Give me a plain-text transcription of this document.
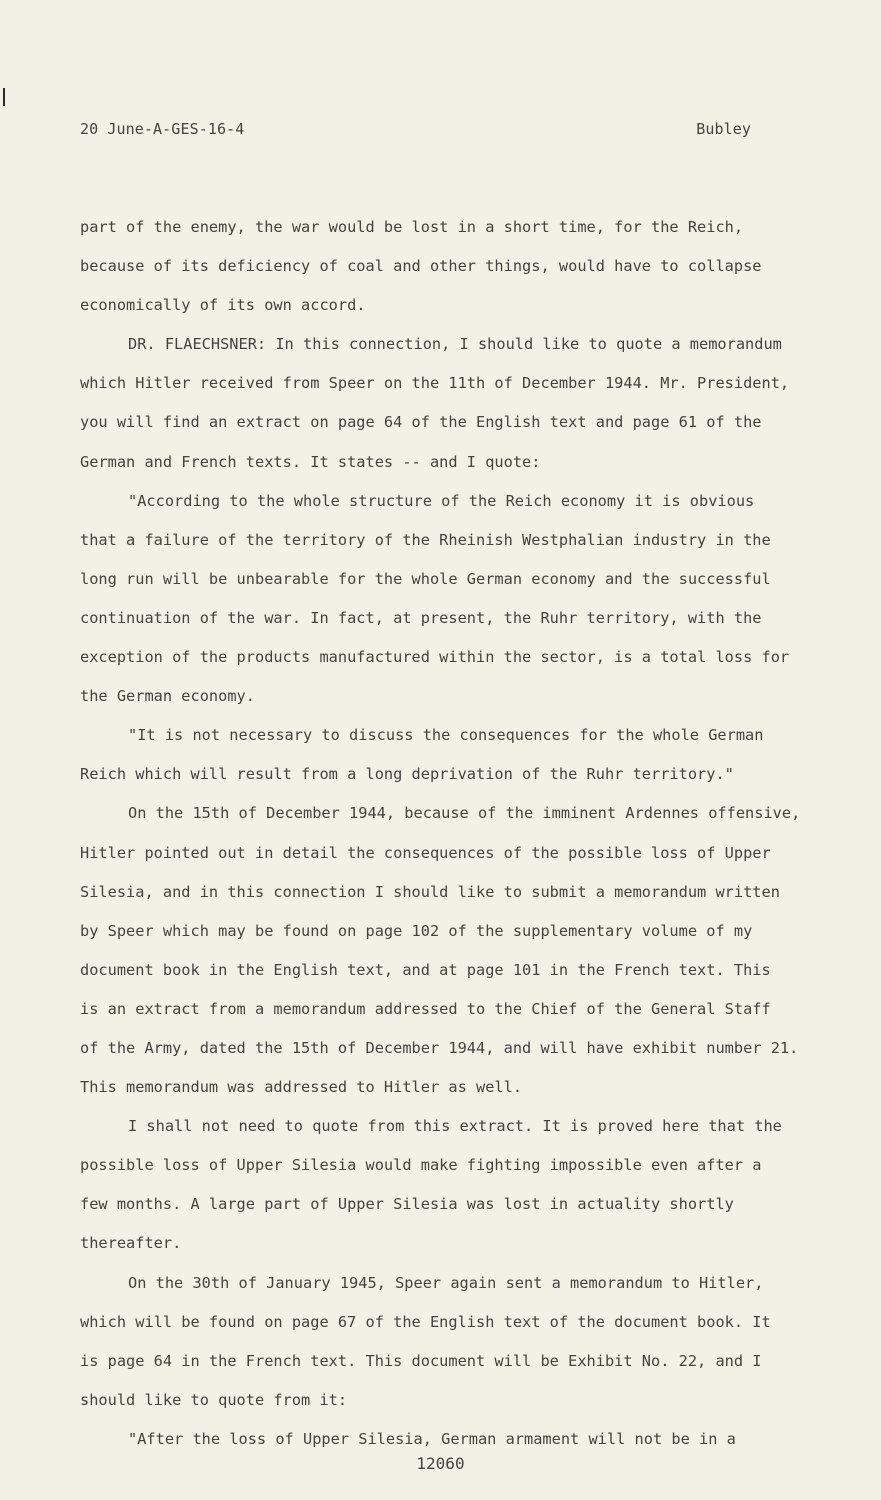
20 June-A-GES-16-4	Bubley
part of the enemy, the war would be lost in a short time, for the Reich,
because of its deficiency of coal and other things, would have to collapse
economically of its own accord.
DR. FLAECHSNER: In this connection, I should like to quote a memorandum
which Hitler received from Speer on the 11th of December 1944. Mr. President,
you will find an extract on page 64 of the English text and page 61 of the
German and French texts. It states -- and I quote:
"According to the whole structure of the Reich economy it is obvious
that a failure of the territory of the Rheinish Westphalian industry in the
long run will be unbearable for the whole German economy and the successful
continuation of the war. In fact, at present, the Ruhr territory, with the
exception of the products manufactured within the sector, is a total loss for
the German economy.
"It is not necessary to discuss the consequences for the whole German
Reich which will result from a long deprivation of the Ruhr territory."
On the 15th of December 1944, because of the imminent Ardennes offensive,
Hitler pointed out in detail the consequences of the possible loss of Upper
Silesia, and in this connection I should like to submit a memorandum written
by Speer which may be found on page 102 of the supplementary volume of my
document book in the English text, and at page 101 in the French text. This
is an extract from a memorandum addressed to the Chief of the General Staff
of the Army, dated the 15th of December 1944, and will have exhibit number 21.
This memorandum was addressed to Hitler as well.
I shall not need to quote from this extract. It is proved here that the
possible loss of Upper Silesia would make fighting impossible even after a
few months. A large part of Upper Silesia was lost in actuality shortly
thereafter.
On the 30th of January 1945, Speer again sent a memorandum to Hitler,
which will be found on page 67 of the English text of the document book. It
is page 64 in the French text. This document will be Exhibit No. 22, and I
should like to quote from it:
"After the loss of Upper Silesia, German armament will not be in a
12060
